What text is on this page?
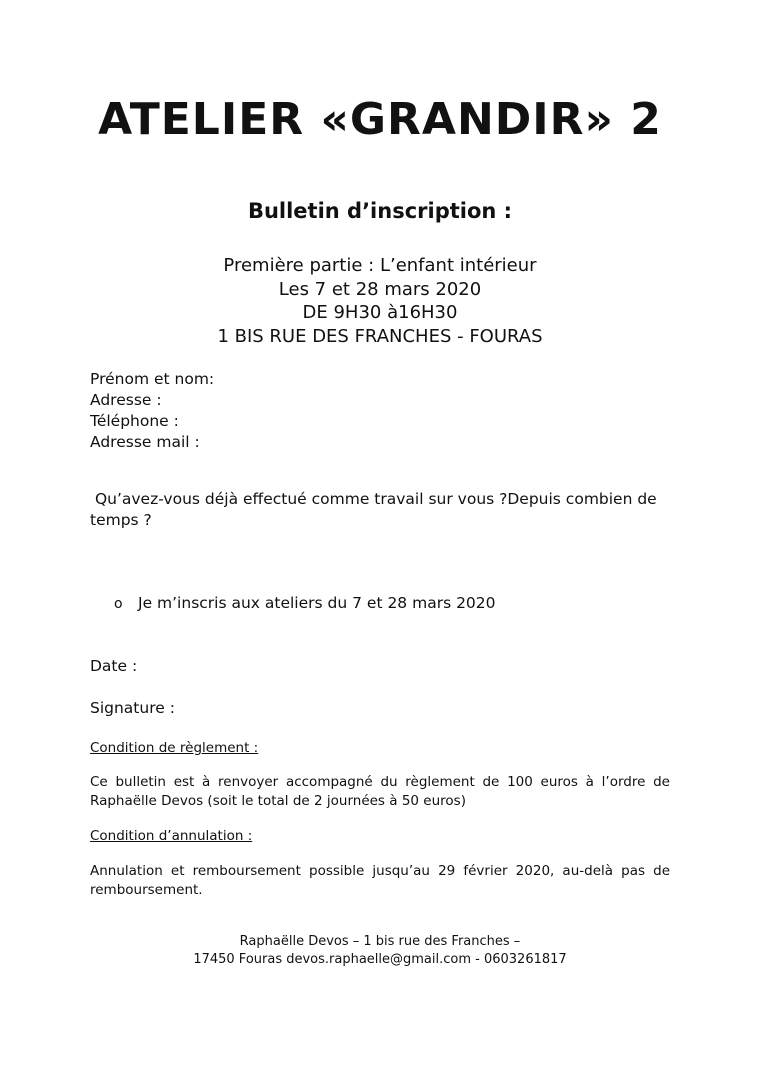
ATELIER «GRANDIR» 2
Bulletin d’inscription :
Première partie : L’enfant intérieur
Les 7 et 28 mars 2020
DE 9H30 à16H30
1 BIS RUE DES FRANCHES - FOURAS
Prénom et nom:
Adresse :
Téléphone :
Adresse mail :
Qu’avez-vous déjà effectué comme travail sur vous ?Depuis combien de temps ?
o Je m’inscris aux ateliers du 7 et 28 mars 2020
Date :
Signature :
Condition de règlement :
Ce bulletin est à renvoyer accompagné du règlement de 100 euros à l’ordre de Raphaëlle Devos (soit le total de 2 journées à 50 euros)
Condition d’annulation :
Annulation et remboursement possible jusqu’au 29 février 2020, au-delà pas de remboursement.
Raphaëlle Devos – 1 bis rue des Franches –
17450 Fouras devos.raphaelle@gmail.com - 0603261817
